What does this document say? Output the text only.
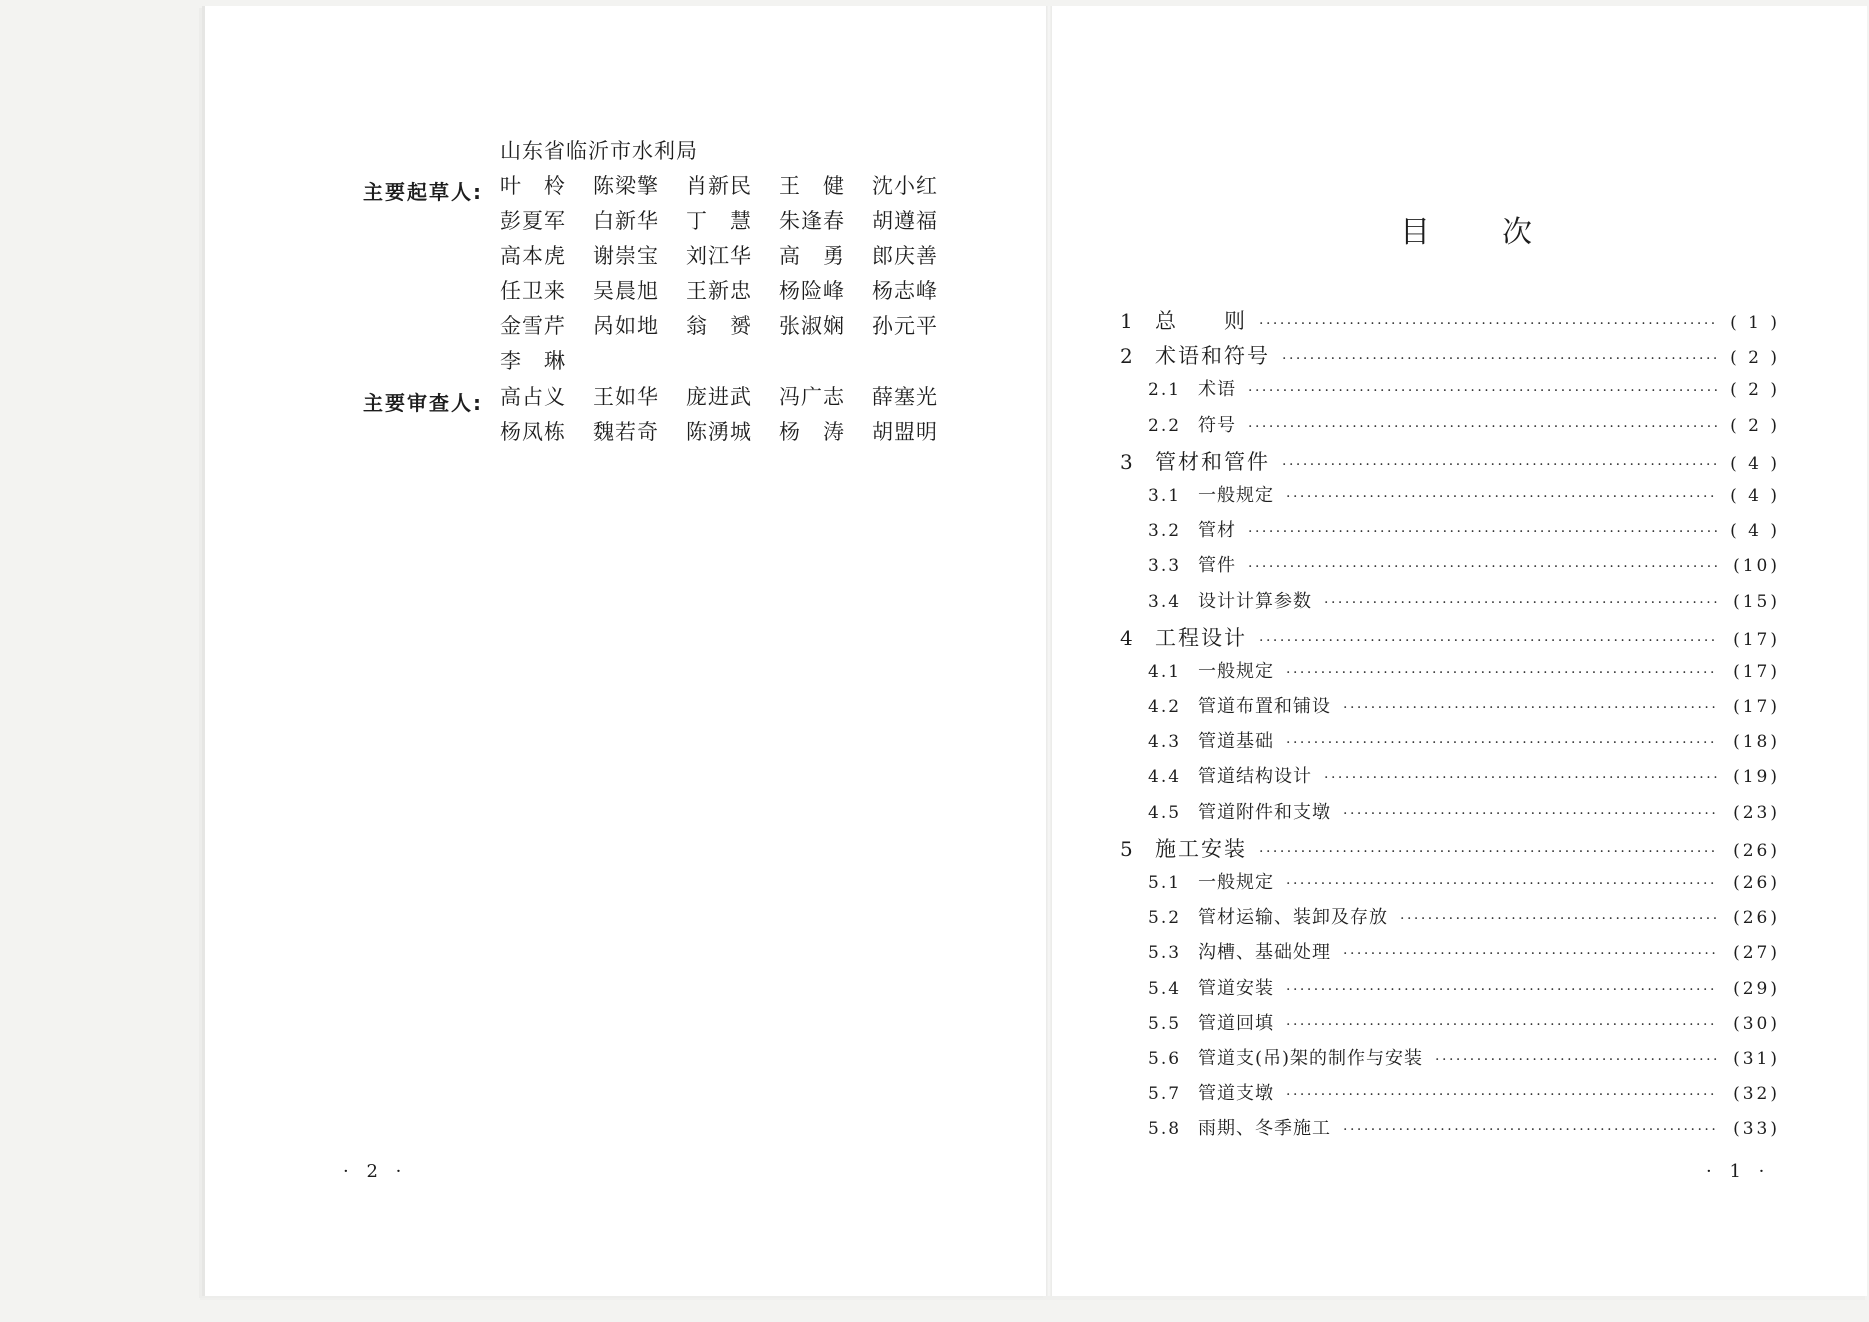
山东省临沂市水利局
主要起草人: 叶　柃	陈梁擎	肖新民	王　健	沈小红
彭夏军	白新华	丁　慧	朱逢春	胡遵福
高本虎	谢崇宝	刘江华	高　勇	郎庆善
任卫来	吴晨旭	王新忠	杨险峰	杨志峰
金雪芹	呙如地	翁　赟	张淑娴	孙元平
李　琳
主要审查人: 高占义	王如华	庞进武	冯广志	薛塞光
杨凤栋	魏若奇	陈湧城	杨　涛	胡盟明
· 2 ·
目次
1	总　　则 ·····	( 1 )
2	术语和符号 ·····	( 2 )
2.1 术语 ·····	( 2 )
2.2 符号 ·····	( 2 )
3	管材和管件 ·····	( 4 )
3.1 一般规定 ·····	( 4 )
3.2 管材 ·····	( 4 )
3.3 管件 ·····	(10)
3.4 设计计算参数 ·····	(15)
4	工程设计 ·····	(17)
4.1 一般规定 ·····	(17)
4.2 管道布置和铺设 ·····	(17)
4.3 管道基础 ·····	(18)
4.4 管道结构设计 ·····	(19)
4.5 管道附件和支墩 ·····	(23)
5	施工安装 ·····	(26)
5.1 一般规定 ·····	(26)
5.2 管材运输、装卸及存放 ·····	(26)
5.3 沟槽、基础处理 ·····	(27)
5.4 管道安装 ·····	(29)
5.5 管道回填 ·····	(30)
5.6 管道支(吊)架的制作与安装 ·····	(31)
5.7 管道支墩 ·····	(32)
5.8 雨期、冬季施工 ·····	(33)
· 1 ·
